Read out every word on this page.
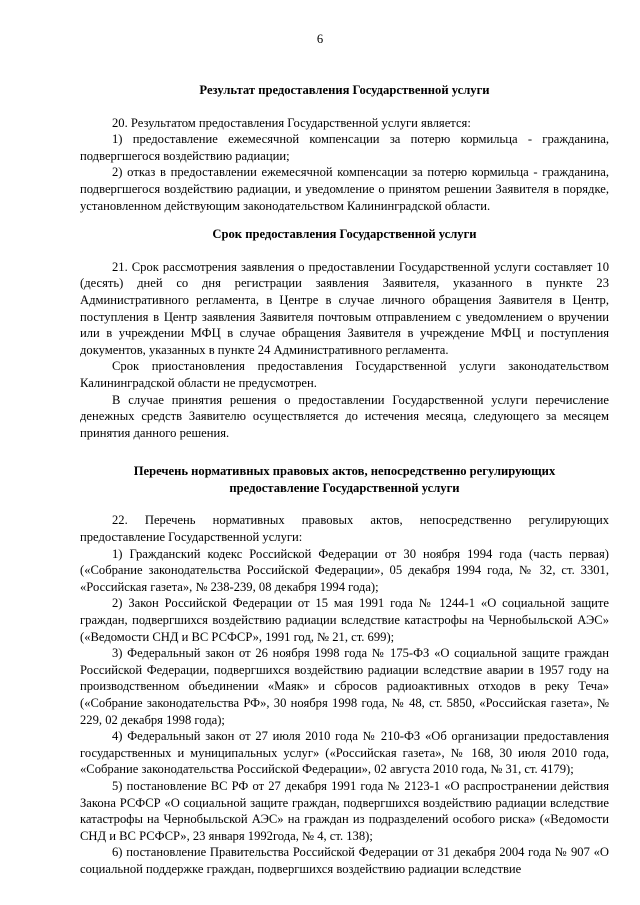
6

Результат предоставления Государственной услуги

20. Результатом предоставления Государственной услуги является:

1) предоставление ежемесячной компенсации за потерю кормильца - гражданина, подвергшегося воздействию радиации;

2) отказ в предоставлении ежемесячной компенсации за потерю кормильца - гражданина, подвергшегося воздействию радиации, и уведомление о принятом решении Заявителя в порядке, установленном действующим законодательством Калининградской области.

Срок предоставления Государственной услуги

21. Срок рассмотрения заявления о предоставлении Государственной услуги составляет 10 (десять) дней со дня регистрации заявления Заявителя, указанного в пункте 23 Административного регламента, в Центре в случае личного обращения Заявителя в Центр, поступления в Центр заявления Заявителя почтовым отправлением с уведомлением о вручении или в учреждении МФЦ в случае обращения Заявителя в учреждение МФЦ и поступления документов, указанных в пункте 24 Административного регламента.

Срок приостановления предоставления Государственной услуги законодательством Калининградской области не предусмотрен.

В случае принятия решения о предоставлении Государственной услуги перечисление денежных средств Заявителю осуществляется до истечения месяца, следующего за месяцем принятия данного решения.

Перечень нормативных правовых актов, непосредственно регулирующих
предоставление Государственной услуги

22. Перечень нормативных правовых актов, непосредственно регулирующих предоставление Государственной услуги:

1) Гражданский кодекс Российской Федерации от 30 ноября 1994 года (часть первая) («Собрание законодательства Российской Федерации», 05 декабря 1994 года, № 32, ст. 3301, «Российская газета», № 238-239, 08 декабря 1994 года);

2) Закон Российской Федерации от 15 мая 1991 года № 1244-1 «О социальной защите граждан, подвергшихся воздействию радиации вследствие катастрофы на Чернобыльской АЭС» («Ведомости СНД и ВС РСФСР», 1991 год, № 21, ст. 699);

3) Федеральный закон от 26 ноября 1998 года № 175-ФЗ «О социальной защите граждан Российской Федерации, подвергшихся воздействию радиации вследствие аварии в 1957 году на производственном объединении «Маяк» и сбросов радиоактивных отходов в реку Теча» («Собрание законодательства РФ», 30 ноября 1998 года, № 48, ст. 5850, «Российская газета», № 229, 02 декабря 1998 года);

4) Федеральный закон от 27 июля 2010 года № 210-ФЗ «Об организации предоставления государственных и муниципальных услуг» («Российская газета», № 168, 30 июля 2010 года, «Собрание законодательства Российской Федерации», 02 августа 2010 года, № 31, ст. 4179);

5) постановление ВС РФ от 27 декабря 1991 года № 2123-1 «О распространении действия Закона РСФСР «О социальной защите граждан, подвергшихся воздействию радиации вследствие катастрофы на Чернобыльской АЭС» на граждан из подразделений особого риска» («Ведомости СНД и ВС РСФСР», 23 января 1992года, № 4, ст. 138);

6) постановление Правительства Российской Федерации от 31 декабря 2004 года № 907 «О социальной поддержке граждан, подвергшихся воздействию радиации вследствие
